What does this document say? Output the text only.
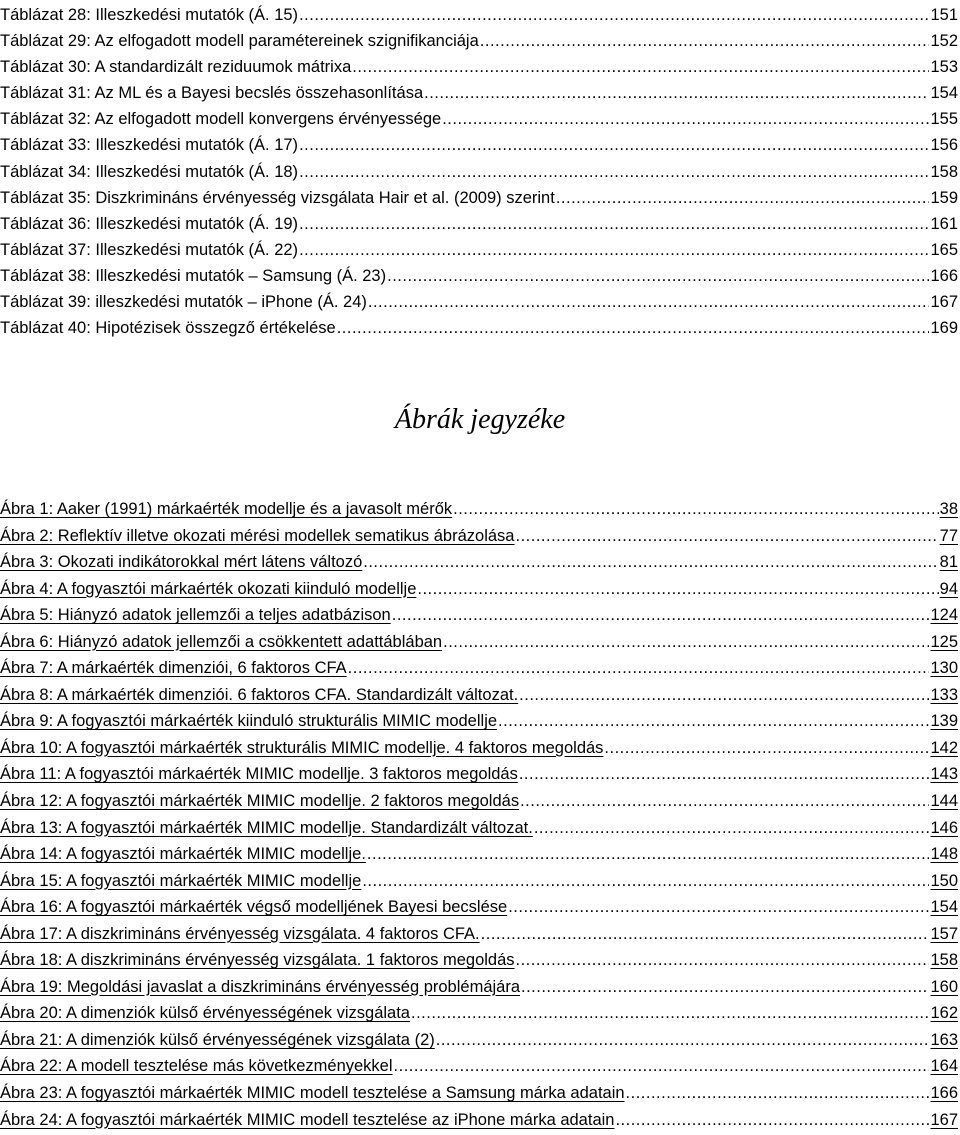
Táblázat 28: Illeszkedési mutatók (Á. 15) .....	151
Táblázat 29: Az elfogadott modell paramétereinek szignifikanciája .....	152
Táblázat 30: A standardizált reziduumok mátrixa .....	153
Táblázat 31: Az ML és a Bayesi becslés összehasonlítása .....	154
Táblázat 32: Az elfogadott modell konvergens érvényessége .....	155
Táblázat 33: Illeszkedési mutatók (Á. 17) .....	156
Táblázat 34: Illeszkedési mutatók (Á. 18) .....	158
Táblázat 35: Diszkrimináns érvényesség vizsgálata Hair et al. (2009) szerint .....	159
Táblázat 36: Illeszkedési mutatók (Á. 19) .....	161
Táblázat 37: Illeszkedési mutatók (Á. 22) .....	165
Táblázat 38: Illeszkedési mutatók – Samsung (Á. 23) .....	166
Táblázat 39: illeszkedési mutatók – iPhone (Á. 24) .....	167
Táblázat 40: Hipotézisek összegző értékelése .....	169
Ábrák jegyzéke
Ábra 1: Aaker (1991) márkaérték modellje és a javasolt mérők .....	38
Ábra 2: Reflektív illetve okozati mérési modellek sematikus ábrázolása .....	77
Ábra 3: Okozati indikátorokkal mért látens változó .....	81
Ábra 4: A fogyasztói márkaérték okozati kiinduló modellje .....	94
Ábra 5: Hiányzó adatok jellemzői a teljes adatbázison .....	124
Ábra 6: Hiányzó adatok jellemzői a csökkentett adattáblában .....	125
Ábra 7: A márkaérték dimenziói, 6 faktoros CFA .....	130
Ábra 8: A márkaérték dimenziói. 6 faktoros CFA. Standardizált változat. .....	133
Ábra 9: A fogyasztói márkaérték kiinduló strukturális MIMIC modellje .....	139
Ábra 10: A fogyasztói márkaérték strukturális MIMIC modellje. 4 faktoros megoldás .....	142
Ábra 11: A fogyasztói márkaérték MIMIC modellje. 3 faktoros megoldás .....	143
Ábra 12: A fogyasztói márkaérték MIMIC modellje. 2 faktoros megoldás .....	144
Ábra 13: A fogyasztói márkaérték MIMIC modellje. Standardizált változat. .....	146
Ábra 14: A fogyasztói márkaérték MIMIC modellje. .....	148
Ábra 15: A fogyasztói márkaérték MIMIC modellje .....	150
Ábra 16: A fogyasztói márkaérték végső modelljének Bayesi becslése .....	154
Ábra 17: A diszkrimináns érvényesség vizsgálata. 4 faktoros CFA. .....	157
Ábra 18: A diszkrimináns érvényesség vizsgálata. 1 faktoros megoldás .....	158
Ábra 19: Megoldási javaslat a diszkrimináns érvényesség problémájára .....	160
Ábra 20: A dimenziók külső érvényességének vizsgálata .....	162
Ábra 21: A dimenziók külső érvényességének vizsgálata (2) .....	163
Ábra 22: A modell tesztelése más következményekkel .....	164
Ábra 23: A fogyasztói márkaérték MIMIC modell tesztelése a Samsung márka adatain .....	166
Ábra 24: A fogyasztói márkaérték MIMIC modell tesztelése az iPhone márka adatain .....	167
